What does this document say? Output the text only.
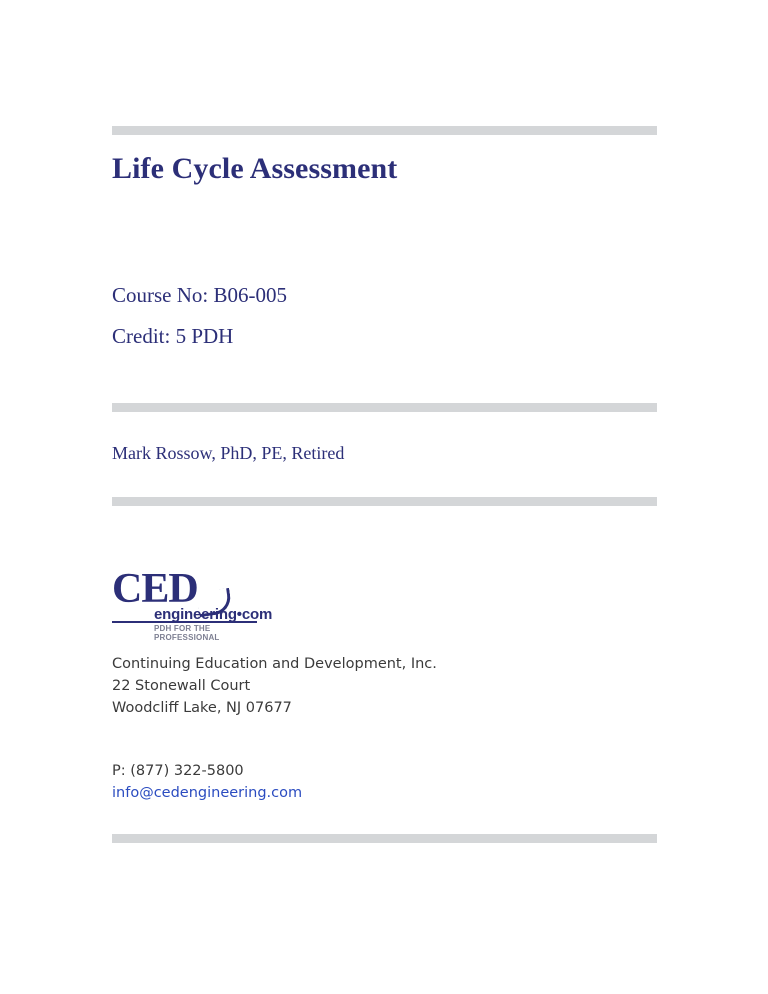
Life Cycle Assessment
Course No: B06-005
Credit: 5 PDH
Mark Rossow, PhD, PE, Retired
CED
engineering•com
PDH FOR THE PROFESSIONAL
Continuing Education and Development, Inc.
22 Stonewall Court
Woodcliff Lake, NJ 07677
P: (877) 322-5800
info@cedengineering.com
